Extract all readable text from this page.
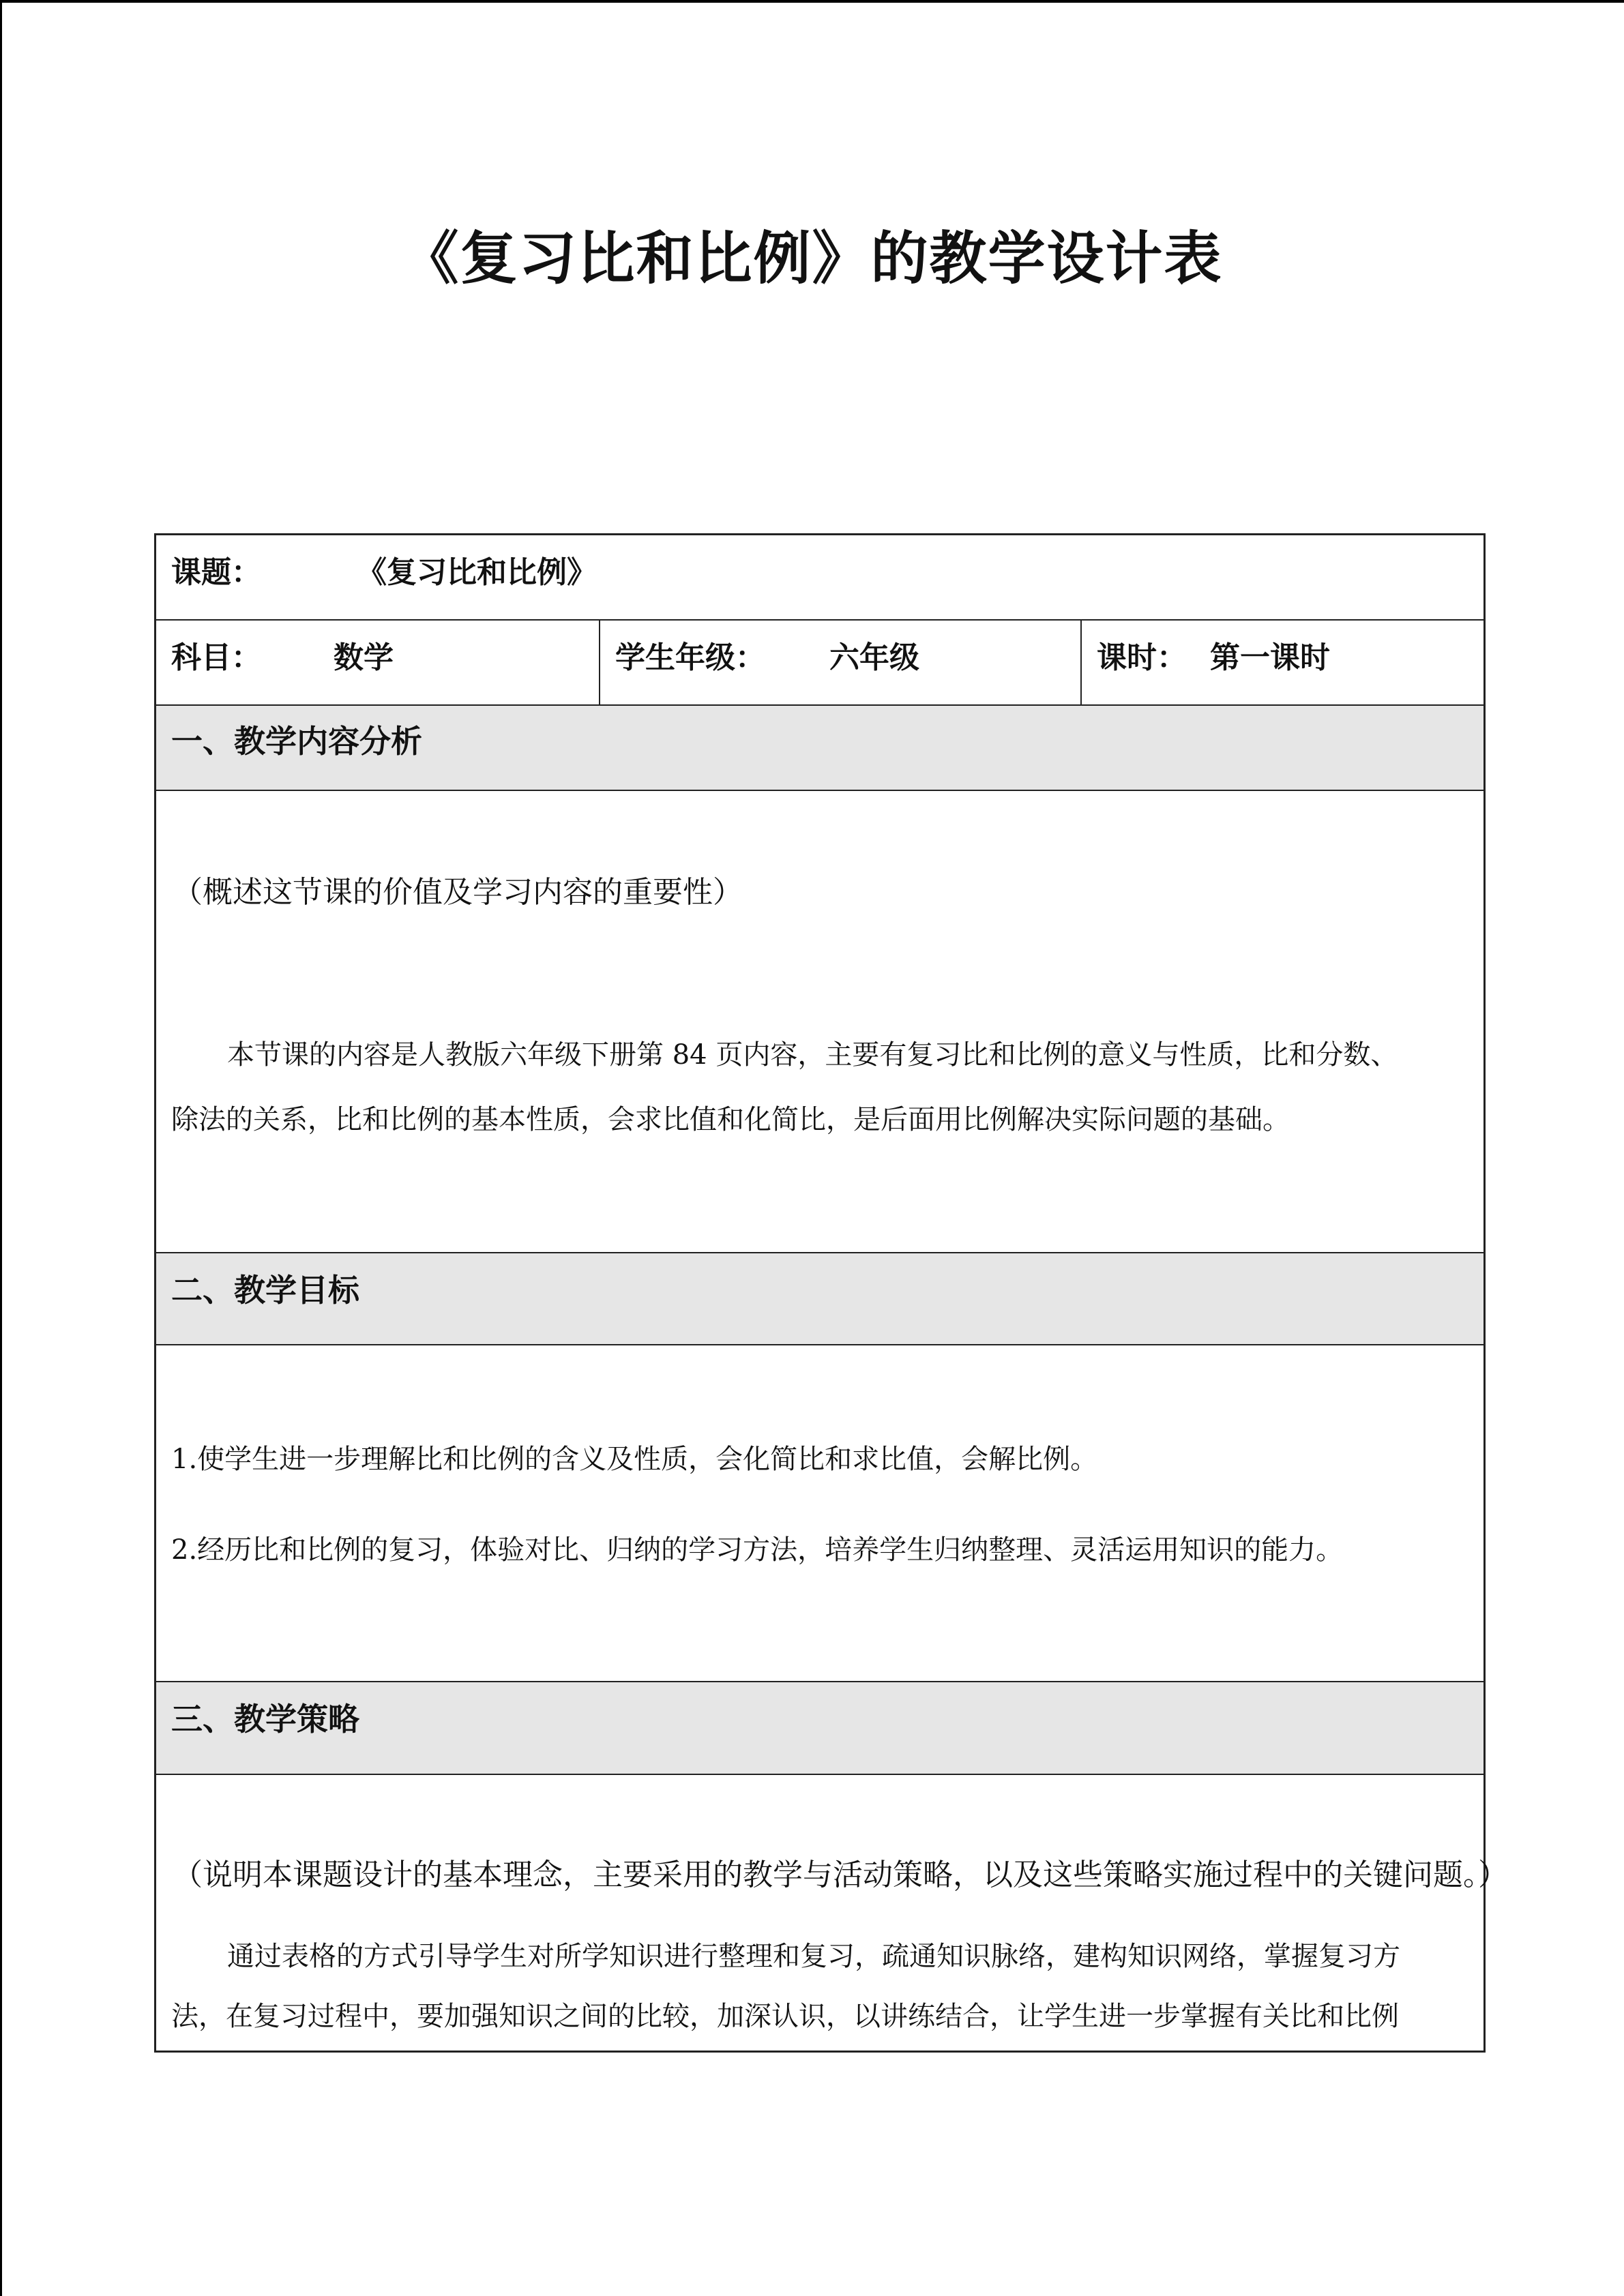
《复习比和比例》的教学设计表
课题：	《复习比和比例》
科目： 数学	学生年级： 六年级	课时： 第一课时
一、教学内容分析
（概述这节课的价值及学习内容的重要性）
本节课的内容是人教版六年级下册第 84 页内容，主要有复习比和比例的意义与性质，比和分数、
除法的关系，比和比例的基本性质，会求比值和化简比，是后面用比例解决实际问题的基础。
二、教学目标
1.使学生进一步理解比和比例的含义及性质，会化简比和求比值，会解比例。
2.经历比和比例的复习，体验对比、归纳的学习方法，培养学生归纳整理、灵活运用知识的能力。
三、教学策略
（说明本课题设计的基本理念，主要采用的教学与活动策略，以及这些策略实施过程中的关键问题。）
通过表格的方式引导学生对所学知识进行整理和复习，疏通知识脉络，建构知识网络，掌握复习方
法，在复习过程中，要加强知识之间的比较，加深认识，以讲练结合，让学生进一步掌握有关比和比例
